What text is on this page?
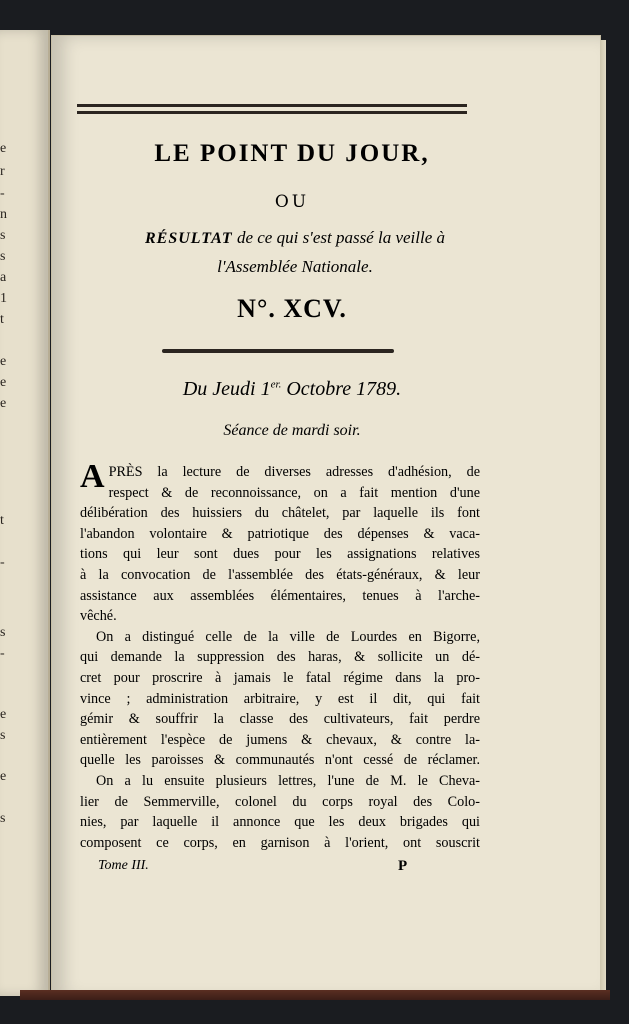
e
r
-
n
s
s
a
1
t
e
e
e
t
-
s
-
e
s
e
s
LE POINT DU JOUR,
OU
RÉSULTAT de ce qui s'est passé la veille à
l'Assemblée Nationale.
N°. XCV.
Du Jeudi $1^{er.}$ Octobre 1789.
Séance de mardi soir.
A PRÈS la lecture de diverses adresses d'adhésion, de
respect & de reconnoissance, on a fait mention d'une
délibération des huissiers du châtelet, par laquelle ils font
l'abandon volontaire & patriotique des dépenses & vaca-
tions qui leur sont dues pour les assignations relatives
à la convocation de l'assemblée des états-généraux, & leur
assistance aux assemblées élémentaires, tenues à l'arche-
vêché.
On a distingué celle de la ville de Lourdes en Bigorre,
qui demande la suppression des haras, & sollicite un dé-
cret pour proscrire à jamais le fatal régime dans la pro-
vince ; administration arbitraire, y est il dit, qui fait
gémir & souffrir la classe des cultivateurs, fait perdre
entièrement l'espèce de jumens & chevaux, & contre la-
quelle les paroisses & communautés n'ont cessé de réclamer.
On a lu ensuite plusieurs lettres, l'une de M. le Cheva-
lier de Semmerville, colonel du corps royal des Colo-
nies, par laquelle il annonce que les deux brigades qui
composent ce corps, en garnison à l'orient, ont souscrit
Tome III.	P
